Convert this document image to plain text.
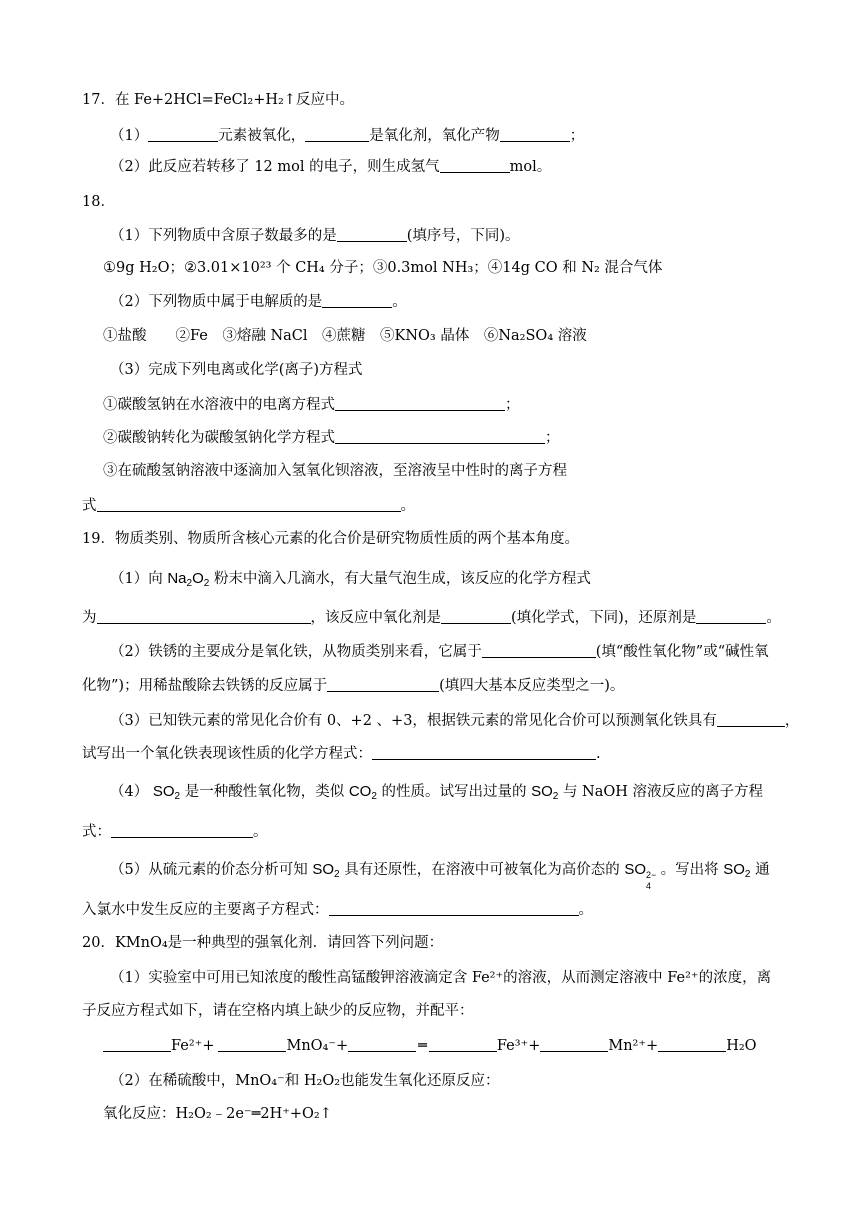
17．在 Fe+2HCl=FeCl₂+H₂↑反应中。
（1）	元素被氧化，	是氧化剂，氧化产物	；
（2）此反应若转移了 12 mol 的电子，则生成氢气	mol。
18．
（1）下列物质中含原子数最多的是	(填序号，下同)。
①9g H₂O；②3.01×10²³ 个 CH₄ 分子；③0.3mol NH₃；④14g CO 和 N₂ 混合气体
（2）下列物质中属于电解质的是	。
①盐酸　　②Fe　③熔融 NaCl　④蔗糖　⑤KNO₃ 晶体　⑥Na₂SO₄ 溶液
（3）完成下列电离或化学(离子)方程式
①碳酸氢钠在水溶液中的电离方程式	；
②碳酸钠转化为碳酸氢钠化学方程式	；
③在硫酸氢钠溶液中逐滴加入氢氧化钡溶液，至溶液呈中性时的离子方程
式	。
19．物质类别、物质所含核心元素的化合价是研究物质性质的两个基本角度。
（1）向 $Na_2O_2$ 粉末中滴入几滴水，有大量气泡生成，该反应的化学方程式
为	，该反应中氧化剂是	(填化学式，下同)，还原剂是	。
（2）铁锈的主要成分是氧化铁，从物质类别来看，它属于	(填“酸性氧化物”或“碱性氧
化物”)；用稀盐酸除去铁锈的反应属于	(填四大基本反应类型之一)。
（3）已知铁元素的常见化合价有 0、+2 、+3，根据铁元素的常见化合价可以预测氧化铁具有	，
试写出一个氧化铁表现该性质的化学方程式：	.
（4） $SO_2$ 是一种酸性氧化物，类似 $CO_2$ 的性质。试写出过量的 $SO_2$ 与 NaOH 溶液反应的离子方程
式：	。
（5）从硫元素的价态分析可知 $SO_2$ 具有还原性，在溶液中可被氧化为高价态的 SO 2−
4
。写出将 $SO_2$ 通
入氯水中发生反应的主要离子方程式：	。
20．KMnO₄是一种典型的强氧化剂．请回答下列问题：
（1）实验室中可用已知浓度的酸性高锰酸钾溶液滴定含 Fe²⁺的溶液，从而测定溶液中 Fe²⁺的浓度，离
子反应方程式如下，请在空格内填上缺少的反应物，并配平：
Fe²⁺+	MnO₄⁻+	═	Fe³⁺+	Mn²⁺+	H₂O
（2）在稀硫酸中，MnO₄⁻和 H₂O₂也能发生氧化还原反应：
氧化反应：H₂O₂﹣2e⁻═2H⁺+O₂↑
